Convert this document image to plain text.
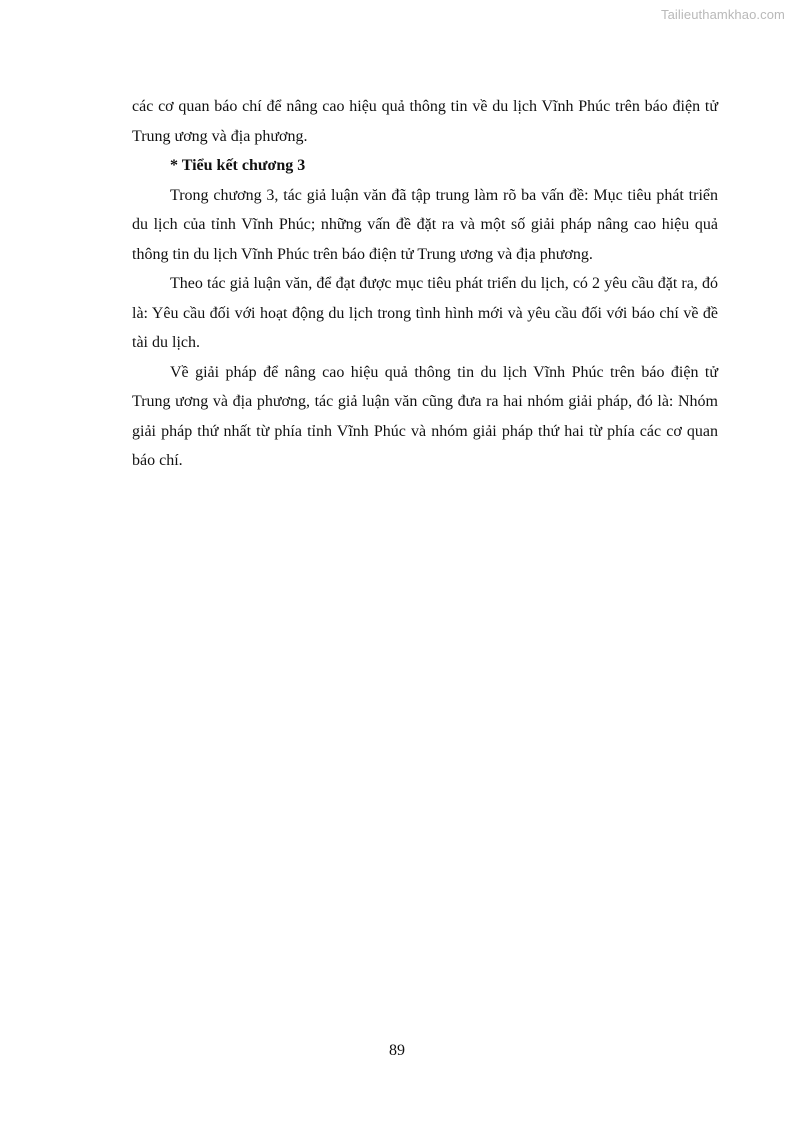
Tailieuthamkhao.com

các cơ quan báo chí để nâng cao hiệu quả thông tin về du lịch Vĩnh Phúc trên báo điện tử Trung ương và địa phương.

* Tiểu kết chương 3

Trong chương 3, tác giả luận văn đã tập trung làm rõ ba vấn đề: Mục tiêu phát triển du lịch của tỉnh Vĩnh Phúc; những vấn đề đặt ra và một số giải pháp nâng cao hiệu quả thông tin du lịch Vĩnh Phúc trên báo điện tử Trung ương và địa phương.

Theo tác giả luận văn, để đạt được mục tiêu phát triển du lịch, có 2 yêu cầu đặt ra, đó là: Yêu cầu đối với hoạt động du lịch trong tình hình mới và yêu cầu đối với báo chí về đề tài du lịch.

Về giải pháp để nâng cao hiệu quả thông tin du lịch Vĩnh Phúc trên báo điện tử Trung ương và địa phương, tác giả luận văn cũng đưa ra hai nhóm giải pháp, đó là: Nhóm giải pháp thứ nhất từ phía tỉnh Vĩnh Phúc và nhóm giải pháp thứ hai từ phía các cơ quan báo chí.

89
